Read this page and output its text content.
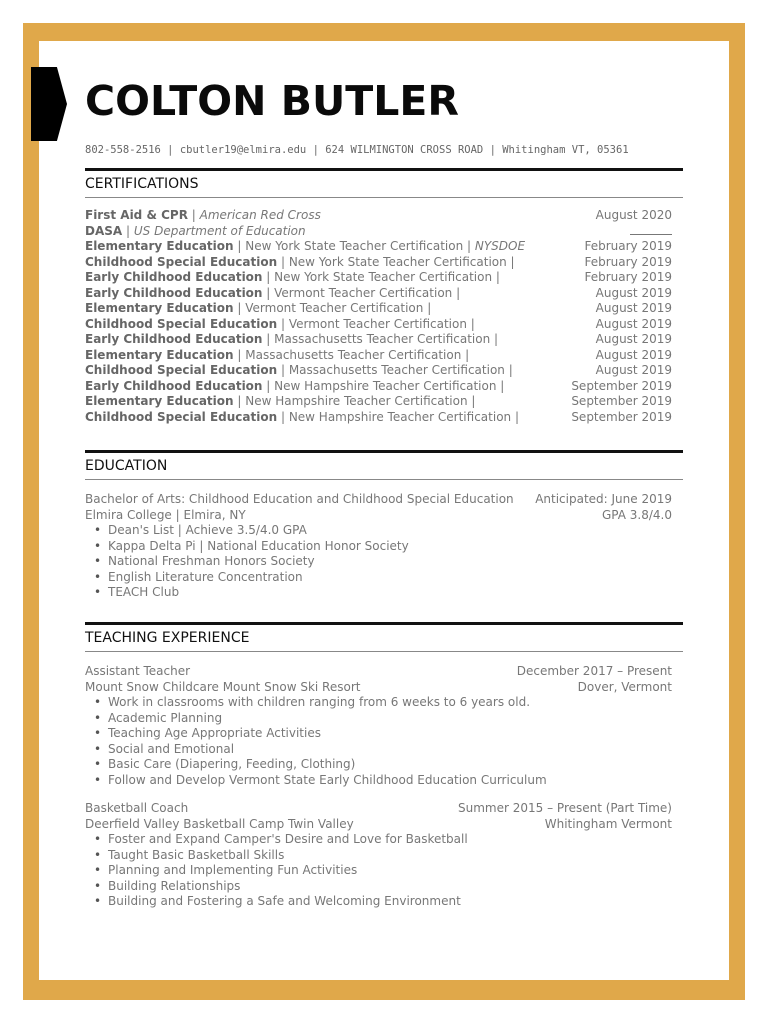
COLTON BUTLER
802-558-2516 | cbutler19@elmira.edu | 624 WILMINGTON CROSS ROAD | Whitingham VT, 05361
CERTIFICATIONS
First Aid & CPR | American Red Cross	August 2020
DASA | US Department of Education
Elementary Education | New York State Teacher Certification | NYSDOE	February 2019
Childhood Special Education | New York State Teacher Certification |	February 2019
Early Childhood Education | New York State Teacher Certification |	February 2019
Early Childhood Education | Vermont Teacher Certification |	August 2019
Elementary Education | Vermont Teacher Certification |	August 2019
Childhood Special Education | Vermont Teacher Certification |	August 2019
Early Childhood Education | Massachusetts Teacher Certification |	August 2019
Elementary Education | Massachusetts Teacher Certification |	August 2019
Childhood Special Education | Massachusetts Teacher Certification |	August 2019
Early Childhood Education | New Hampshire Teacher Certification |	September 2019
Elementary Education | New Hampshire Teacher Certification |	September 2019
Childhood Special Education | New Hampshire Teacher Certification |	September 2019
EDUCATION
Bachelor of Arts: Childhood Education and Childhood Special Education	Anticipated: June 2019
Elmira College | Elmira, NY	GPA 3.8/4.0
• Dean's List | Achieve 3.5/4.0 GPA
• Kappa Delta Pi | National Education Honor Society
• National Freshman Honors Society
• English Literature Concentration
• TEACH Club
TEACHING EXPERIENCE
Assistant Teacher	December 2017 – Present
Mount Snow Childcare Mount Snow Ski Resort	Dover, Vermont
• Work in classrooms with children ranging from 6 weeks to 6 years old.
• Academic Planning
• Teaching Age Appropriate Activities
• Social and Emotional
• Basic Care (Diapering, Feeding, Clothing)
• Follow and Develop Vermont State Early Childhood Education Curriculum
Basketball Coach	Summer 2015 – Present (Part Time)
Deerfield Valley Basketball Camp Twin Valley	Whitingham Vermont
• Foster and Expand Camper's Desire and Love for Basketball
• Taught Basic Basketball Skills
• Planning and Implementing Fun Activities
• Building Relationships
• Building and Fostering a Safe and Welcoming Environment
